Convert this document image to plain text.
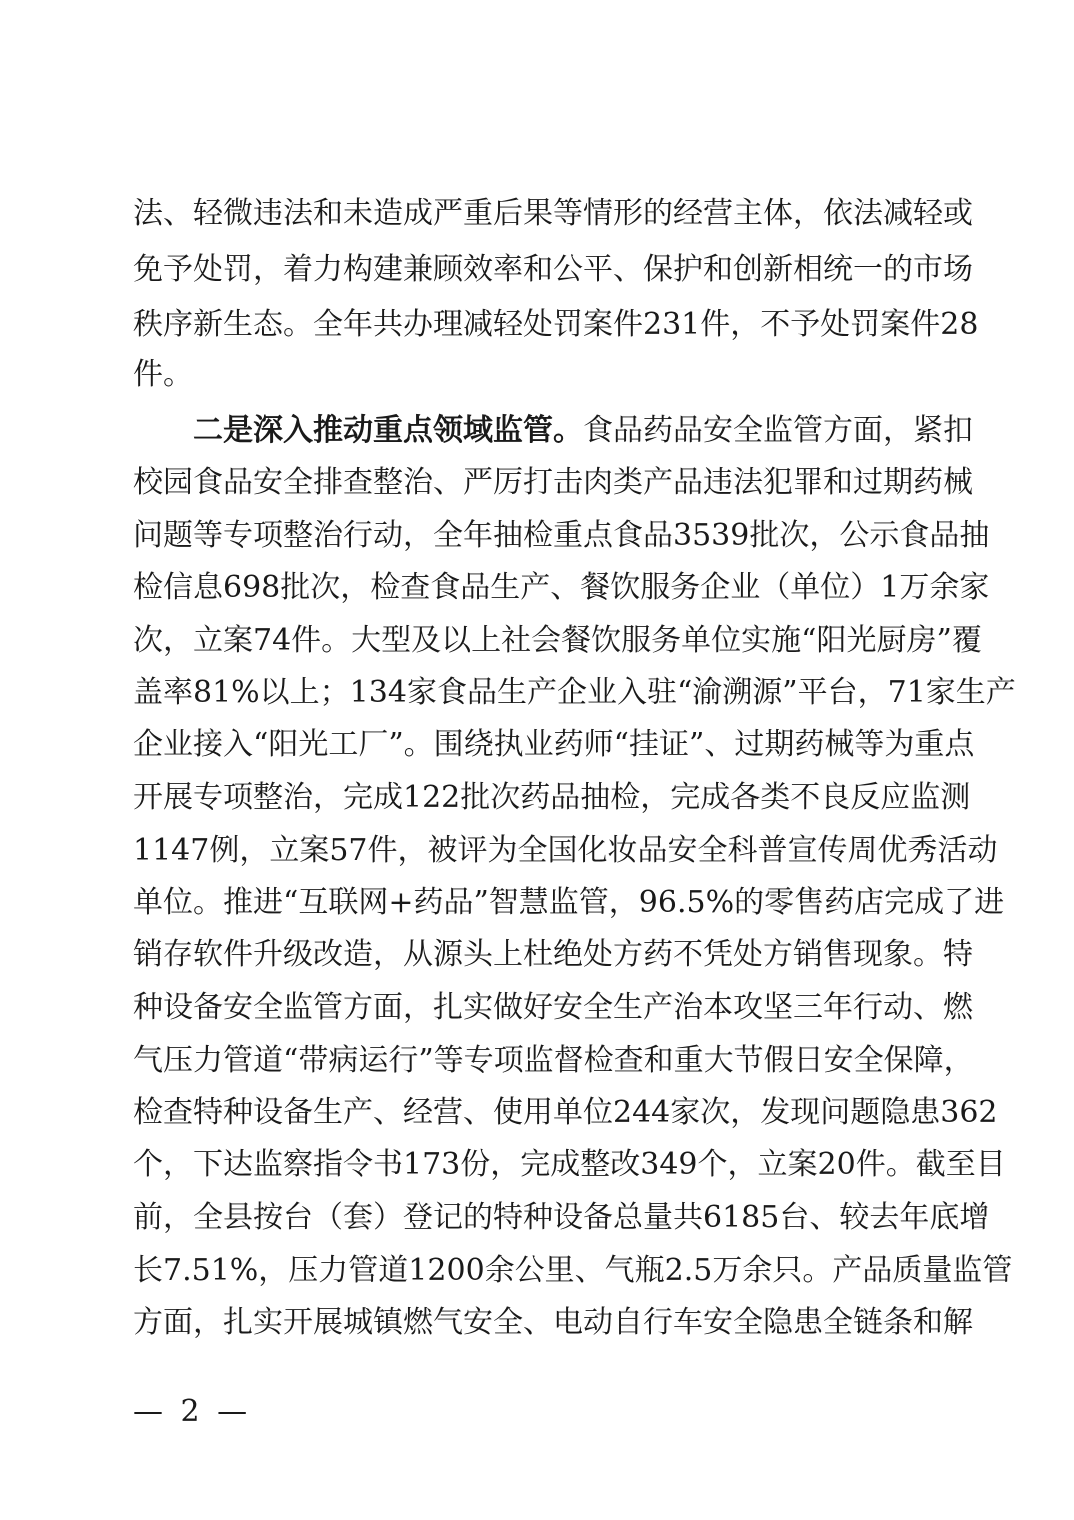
法、轻微违法和未造成严重后果等情形的经营主体，依法减轻或
免予处罚，着力构建兼顾效率和公平、保护和创新相统一的市场
秩序新生态。全年共办理减轻处罚案件231件，不予处罚案件28
件。
二是深入推动重点领域监管。食品药品安全监管方面，紧扣
校园食品安全排查整治、严厉打击肉类产品违法犯罪和过期药械
问题等专项整治行动，全年抽检重点食品3539批次，公示食品抽
检信息698批次，检查食品生产、餐饮服务企业（单位）1万余家
次，立案74件。大型及以上社会餐饮服务单位实施“阳光厨房”覆
盖率81%以上；134家食品生产企业入驻“渝溯源”平台，71家生产
企业接入“阳光工厂”。围绕执业药师“挂证”、过期药械等为重点
开展专项整治，完成122批次药品抽检，完成各类不良反应监测
1147例，立案57件，被评为全国化妆品安全科普宣传周优秀活动
单位。推进“互联网+药品”智慧监管，96.5%的零售药店完成了进
销存软件升级改造，从源头上杜绝处方药不凭处方销售现象。特
种设备安全监管方面，扎实做好安全生产治本攻坚三年行动、燃
气压力管道“带病运行”等专项监督检查和重大节假日安全保障，
检查特种设备生产、经营、使用单位244家次，发现问题隐患362
个，下达监察指令书173份，完成整改349个，立案20件。截至目
前，全县按台（套）登记的特种设备总量共6185台、较去年底增
长7.51%，压力管道1200余公里、气瓶2.5万余只。产品质量监管
方面，扎实开展城镇燃气安全、电动自行车安全隐患全链条和解
— 2 —
